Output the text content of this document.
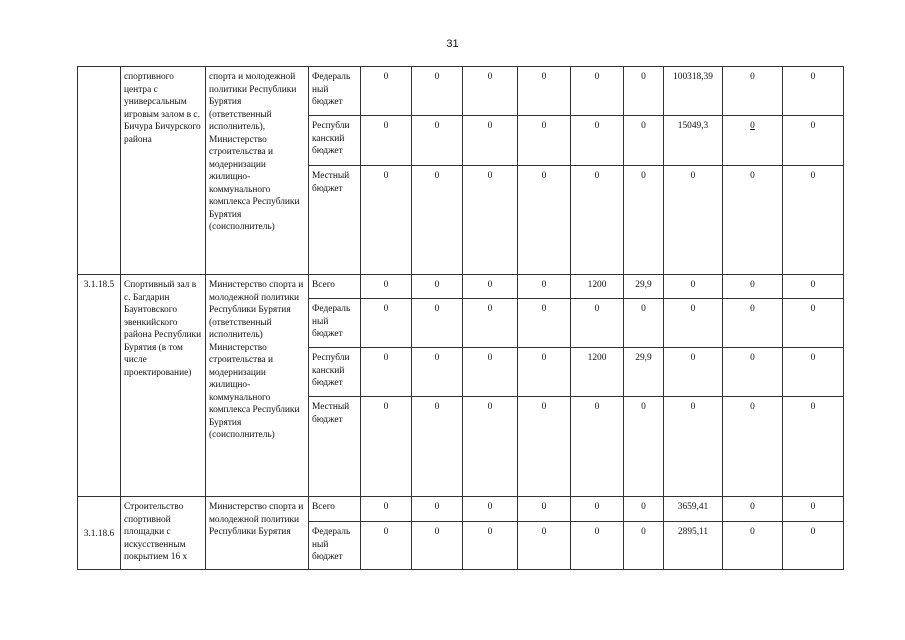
31
	спортивного центра с универсальным игровым залом в с. Бичура Бичурского района	спорта и молодежной политики Республики Бурятия (ответственный исполнитель), Министерство строительства и модернизации жилищно-коммунального комплекса Республики Бурятия (соисполнитель)	Федераль ный бюджет	0	0	0	0	0	0	100318,39	0	0
			Республи канский бюджет	0	0	0	0	0	0	15049,3	0	0
			Местный бюджет	0	0	0	0	0	0	0	0	0
3.1.18.5	Спортивный зал в с. Багдарин Баунтовского эвенкийского района Республики Бурятия (в том числе проектирование)	Министерство спорта и молодежной политики Республики Бурятия (ответственный исполнитель) Министерство строительства и модернизации жилищно-коммунального комплекса Республики Бурятия (соисполнитель)	Всего	0	0	0	0	1200	29,9	0	0	0
			Федераль ный бюджет	0	0	0	0	0	0	0	0	0
			Республи канский бюджет	0	0	0	0	1200	29,9	0	0	0
			Местный бюджет	0	0	0	0	0	0	0	0	0
3.1.18.6	Строительство спортивной площадки с искусственным покрытием 16 х	Министерство спорта и молодежной политики Республики Бурятия	Всего	0	0	0	0	0	0	3659,41	0	0
			Федераль ный бюджет	0	0	0	0	0	0	2895,11	0	0
